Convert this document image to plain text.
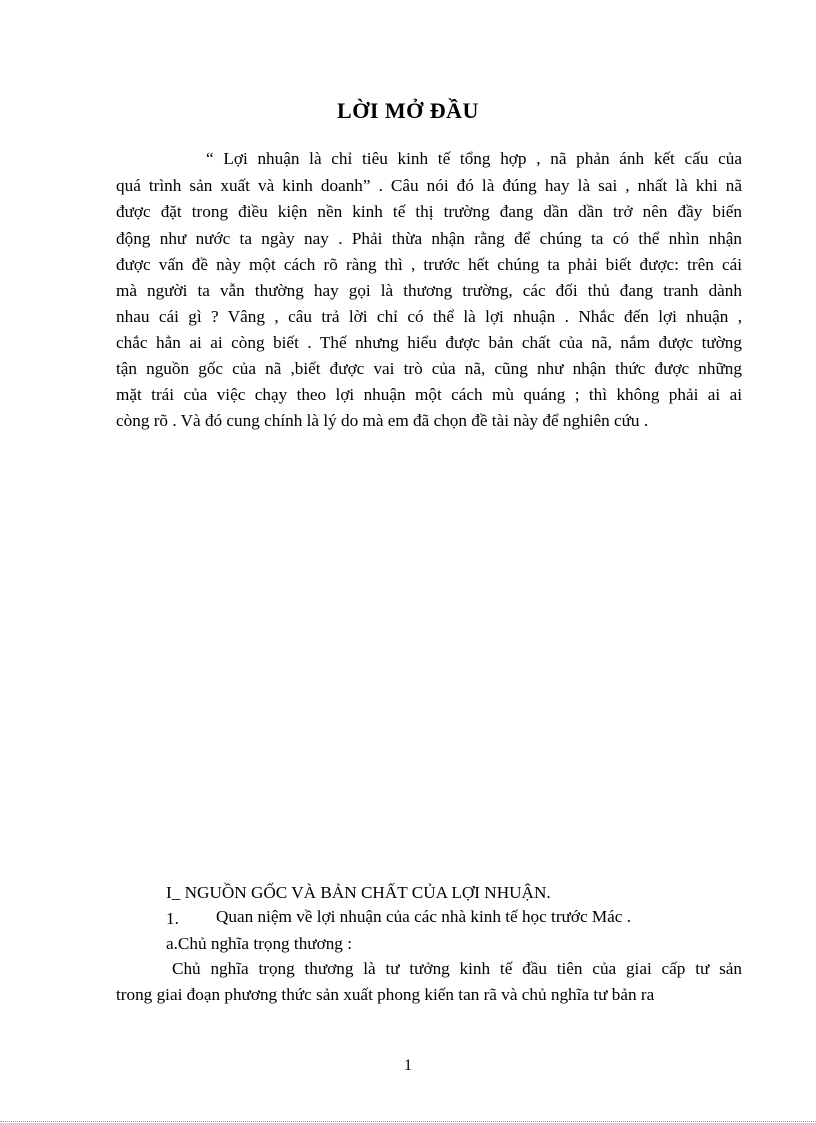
LỜI MỞ ĐẦU
“ Lợi nhuận là chỉ tiêu kinh tế tổng hợp , nã phản ánh kết cấu của
quá trình sản xuất và kinh doanh” . Câu nói đó là đúng hay là sai , nhất là khi nã
được đặt trong điều kiện nền kinh tế thị trường đang dần dần trở nên đầy biến
động như nước ta ngày nay . Phải thừa nhận rằng để chúng ta có thể nhìn nhận
được vấn đề này một cách rõ ràng thì , trước hết chúng ta phải biết được: trên cái
mà người ta vẫn thường hay gọi là thương trường, các đối thủ đang tranh dành
nhau cái gì ? Vâng , câu trả lời chỉ có thể là lợi nhuận . Nhắc đến lợi nhuận ,
chắc hẳn ai ai còng biết . Thế nhưng hiểu được bản chất của nã, nắm được tường
tận nguồn gốc của nã ,biết được vai trò của nã, cũng như nhận thức được những
mặt trái của việc chạy theo lợi nhuận một cách mù quáng ; thì không phải ai ai
còng rõ . Và đó cung chính là lý do mà em đã chọn đề tài này để nghiên cứu .
I_ NGUỒN GỐC VÀ BẢN CHẤT CỦA LỢI NHUẬN.
1. Quan niệm về lợi nhuận của các nhà kinh tế học trước Mác .
a.Chủ nghĩa trọng thương :
Chủ nghĩa trọng thương là tư tưởng kinh tế đầu tiên của giai cấp tư sản
trong giai đoạn phương thức sản xuất phong kiến tan rã và chủ nghĩa tư bản ra
1
